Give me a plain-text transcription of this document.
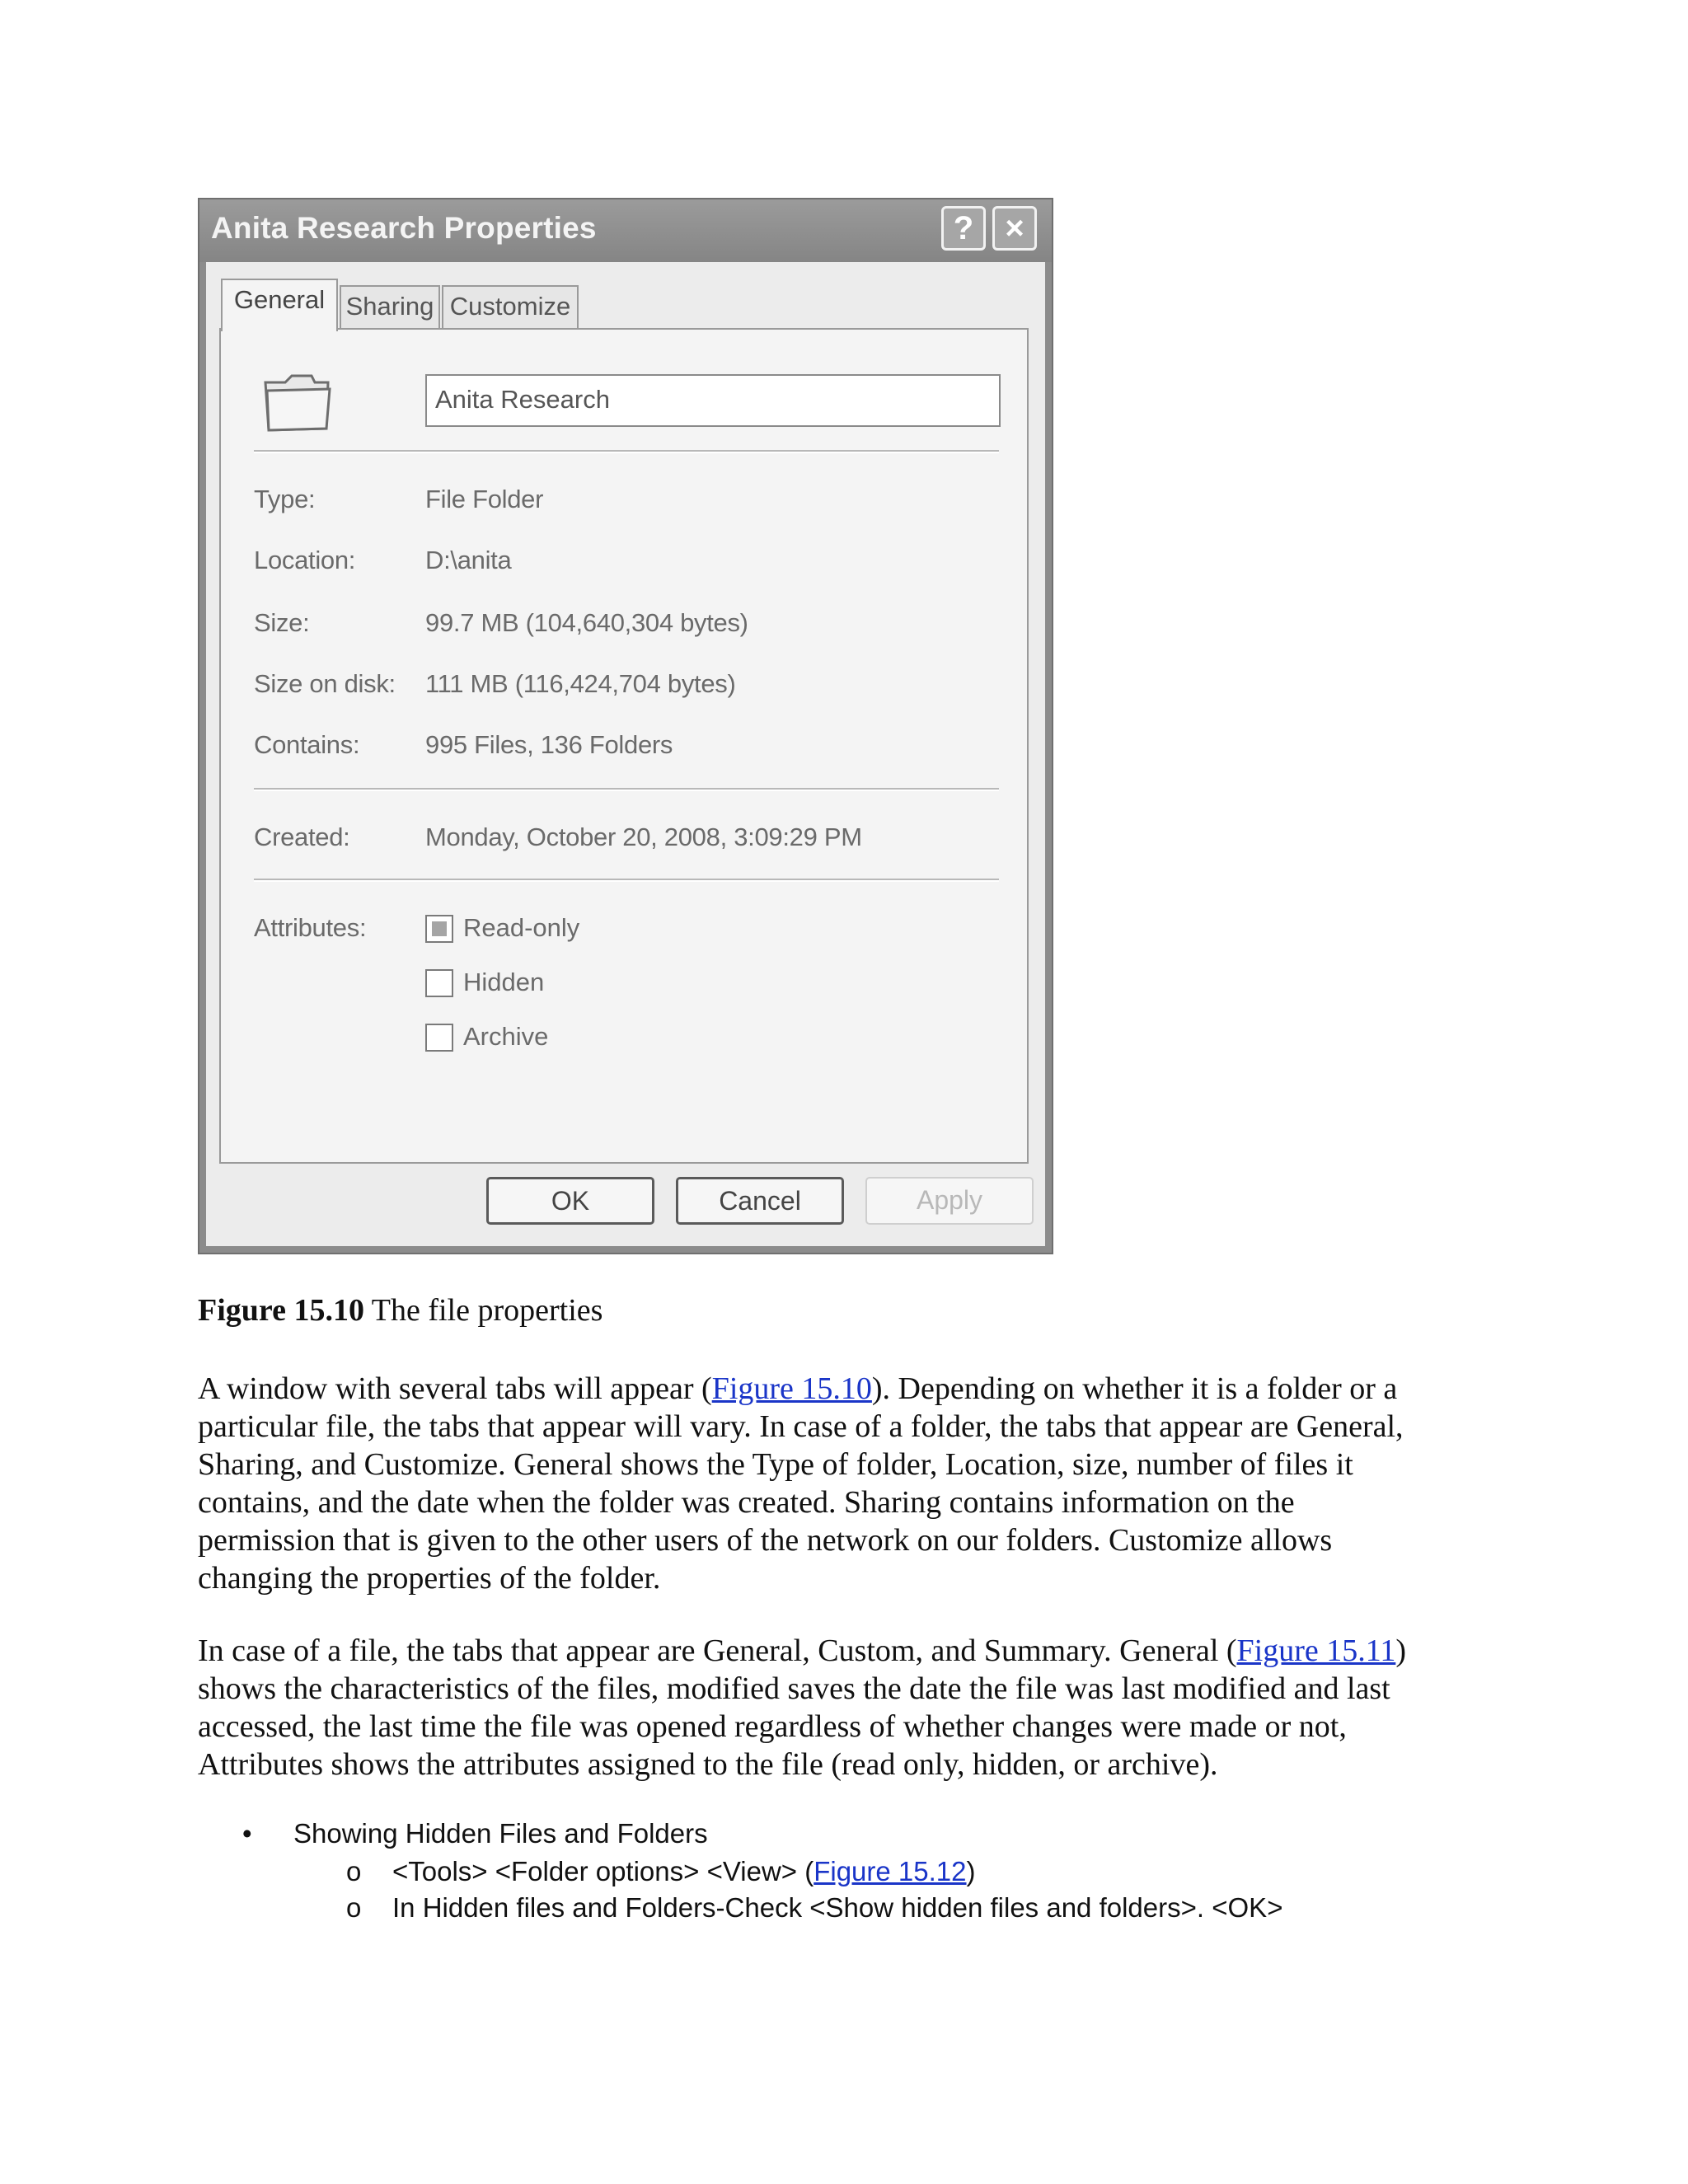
Anita Research Properties	? ×
General Sharing Customize
Anita Research
Type:	File Folder
Location:	D:\anita
Size:	99.7 MB (104,640,304 bytes)
Size on disk: 111 MB (116,424,704 bytes)
Contains:	995 Files, 136 Folders
Created:	Monday, October 20, 2008, 3:09:29 PM
Attributes:	Read-only
Hidden
Archive
OK	Cancel	Apply
Figure 15.10 The file properties

A window with several tabs will appear (Figure 15.10). Depending on whether it is a folder or a

particular file, the tabs that appear will vary. In case of a folder, the tabs that appear are General,

Sharing, and Customize. General shows the Type of folder, Location, size, number of files it

contains, and the date when the folder was created. Sharing contains information on the

permission that is given to the other users of the network on our folders. Customize allows

changing the properties of the folder.

In case of a file, the tabs that appear are General, Custom, and Summary. General (Figure 15.11)

shows the characteristics of the files, modified saves the date the file was last modified and last

accessed, the last time the file was opened regardless of whether changes were made or not,

Attributes shows the attributes assigned to the file (read only, hidden, or archive).

• Showing Hidden Files and Folders
o <Tools> <Folder options> <View> (Figure 15.12)
o In Hidden files and Folders-Check <Show hidden files and folders>. <OK>
